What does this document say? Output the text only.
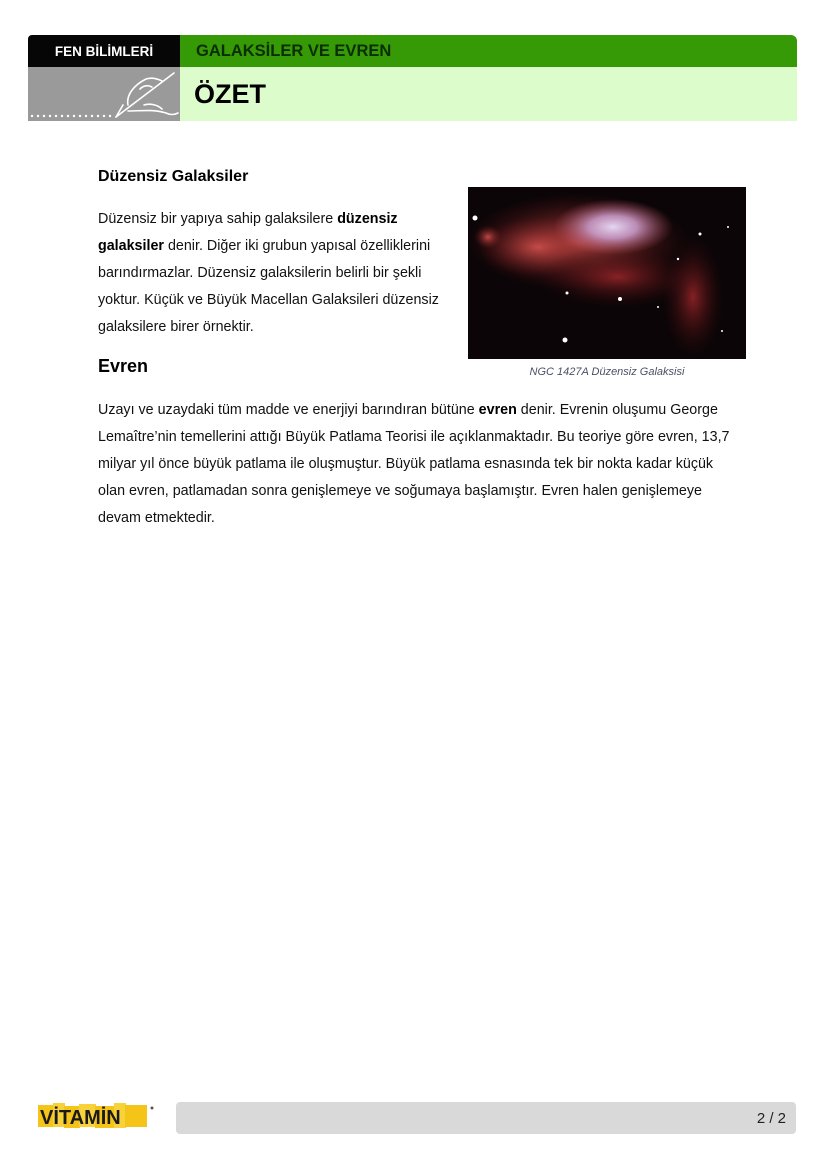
FEN BİLİMLERİ	GALAKSİLER VE EVREN
ÖZET
Düzensiz Galaksiler

Düzensiz bir yapıya sahip galaksilere düzensiz galaksiler denir. Diğer iki grubun yapısal özelliklerini barındırmazlar. Düzensiz galaksilerin belirli bir şekli yoktur. Küçük ve Büyük Macellan Galaksileri düzensiz galaksilere birer örnektir.

NGC 1427A Düzensiz Galaksisi
Evren

Uzayı ve uzaydaki tüm madde ve enerjiyi barındıran bütüne evren denir. Evrenin oluşumu George Lemaître’nin temellerini attığı Büyük Patlama Teorisi ile açıklanmaktadır. Bu teoriye göre evren, 13,7 milyar yıl önce büyük patlama ile oluşmuştur. Büyük patlama esnasında tek bir nokta kadar küçük olan evren, patlamadan sonra genişlemeye ve soğumaya başlamıştır. Evren halen genişlemeye devam etmektedir.

VİTAMİN	2 / 2
